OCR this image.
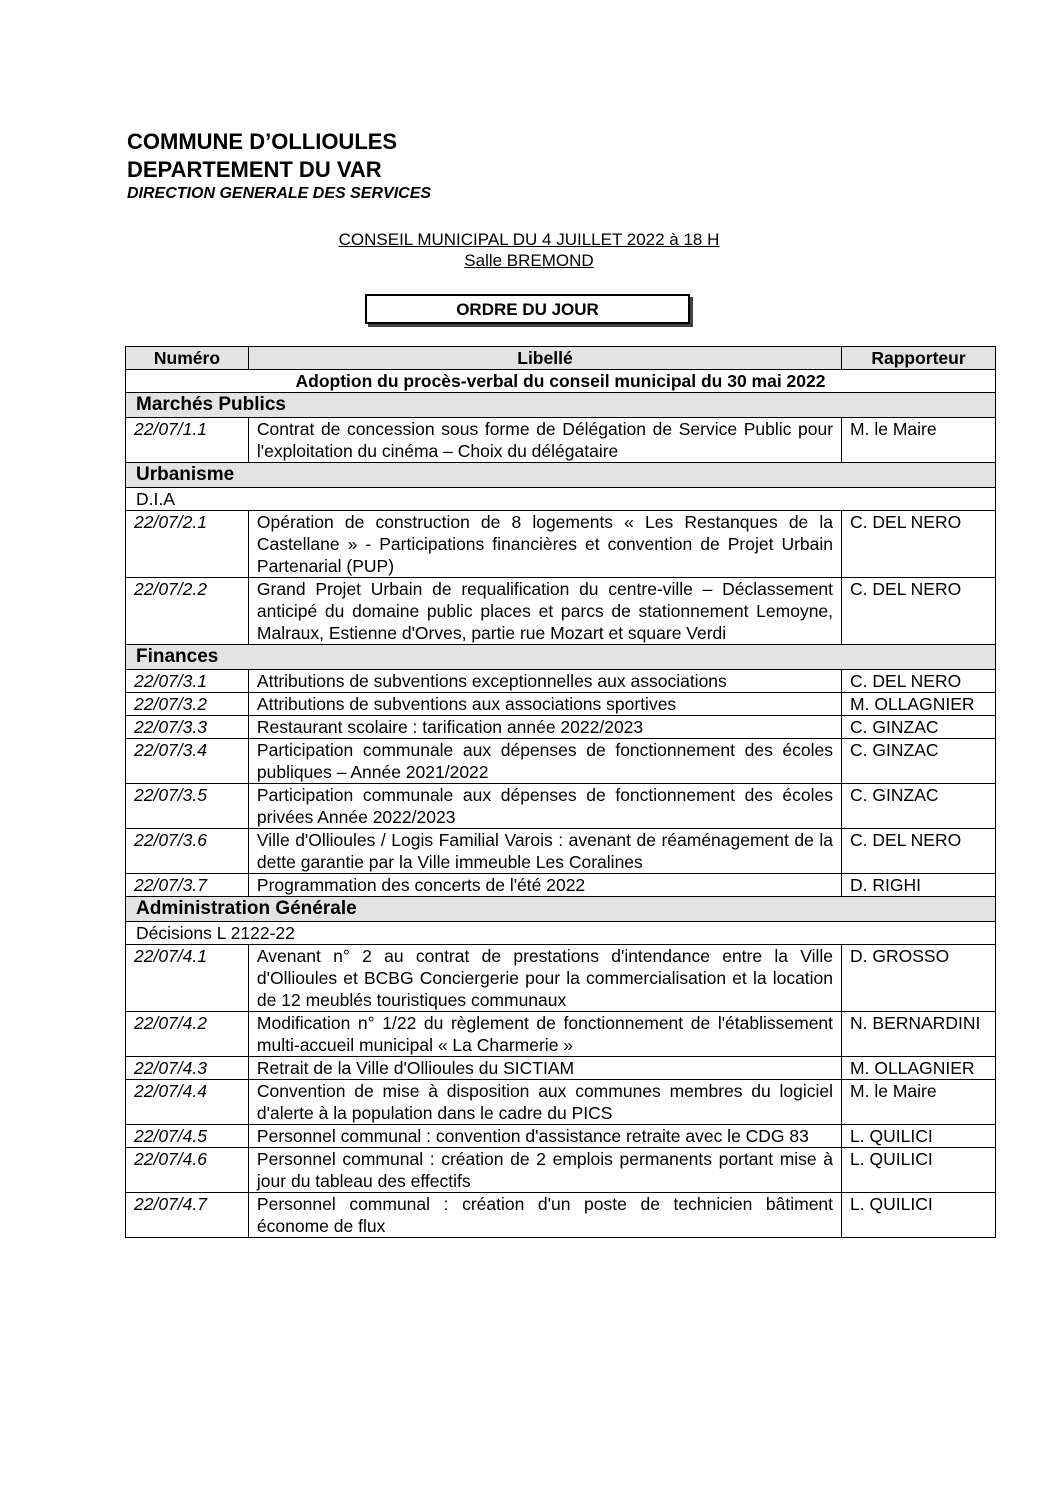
COMMUNE D’OLLIOULES
DEPARTEMENT DU VAR
DIRECTION GENERALE DES SERVICES
CONSEIL MUNICIPAL DU 4 JUILLET 2022 à 18 H
Salle BREMOND
ORDRE DU JOUR
Numéro	Libellé	Rapporteur
Adoption du procès-verbal du conseil municipal du 30 mai 2022		
Marchés Publics		
22/07/1.1	Contrat de concession sous forme de Délégation de Service Public pour l'exploitation du cinéma – Choix du délégataire	M. le Maire
Urbanisme		
D.I.A		
22/07/2.1	Opération de construction de 8 logements « Les Restanques de la Castellane » - Participations financières et convention de Projet Urbain Partenarial (PUP)	C. DEL NERO
22/07/2.2	Grand Projet Urbain de requalification du centre-ville – Déclassement anticipé du domaine public places et parcs de stationnement Lemoyne, Malraux, Estienne d'Orves, partie rue Mozart et square Verdi	C. DEL NERO
Finances		
22/07/3.1	Attributions de subventions exceptionnelles aux associations	C. DEL NERO
22/07/3.2	Attributions de subventions aux associations sportives	M. OLLAGNIER
22/07/3.3	Restaurant scolaire : tarification année 2022/2023	C. GINZAC
22/07/3.4	Participation communale aux dépenses de fonctionnement des écoles publiques – Année 2021/2022	C. GINZAC
22/07/3.5	Participation communale aux dépenses de fonctionnement des écoles privées Année 2022/2023	C. GINZAC
22/07/3.6	Ville d'Ollioules / Logis Familial Varois : avenant de réaménagement de la dette garantie par la Ville immeuble Les Coralines	C. DEL NERO
22/07/3.7	Programmation des concerts de l'été 2022	D. RIGHI
Administration Générale		
Décisions L 2122-22		
22/07/4.1	Avenant n° 2 au contrat de prestations d'intendance entre la Ville d'Ollioules et BCBG Conciergerie pour la commercialisation et la location de 12 meublés touristiques communaux	D. GROSSO
22/07/4.2	Modification n° 1/22 du règlement de fonctionnement de l'établissement multi-accueil municipal « La Charmerie »	N. BERNARDINI
22/07/4.3	Retrait de la Ville d'Ollioules du SICTIAM	M. OLLAGNIER
22/07/4.4	Convention de mise à disposition aux communes membres du logiciel d'alerte à la population dans le cadre du PICS	M. le Maire
22/07/4.5	Personnel communal : convention d'assistance retraite avec le CDG 83	L. QUILICI
22/07/4.6	Personnel communal : création de 2 emplois permanents portant mise à jour du tableau des effectifs	L. QUILICI
22/07/4.7	Personnel communal : création d'un poste de technicien bâtiment économe de flux	L. QUILICI
